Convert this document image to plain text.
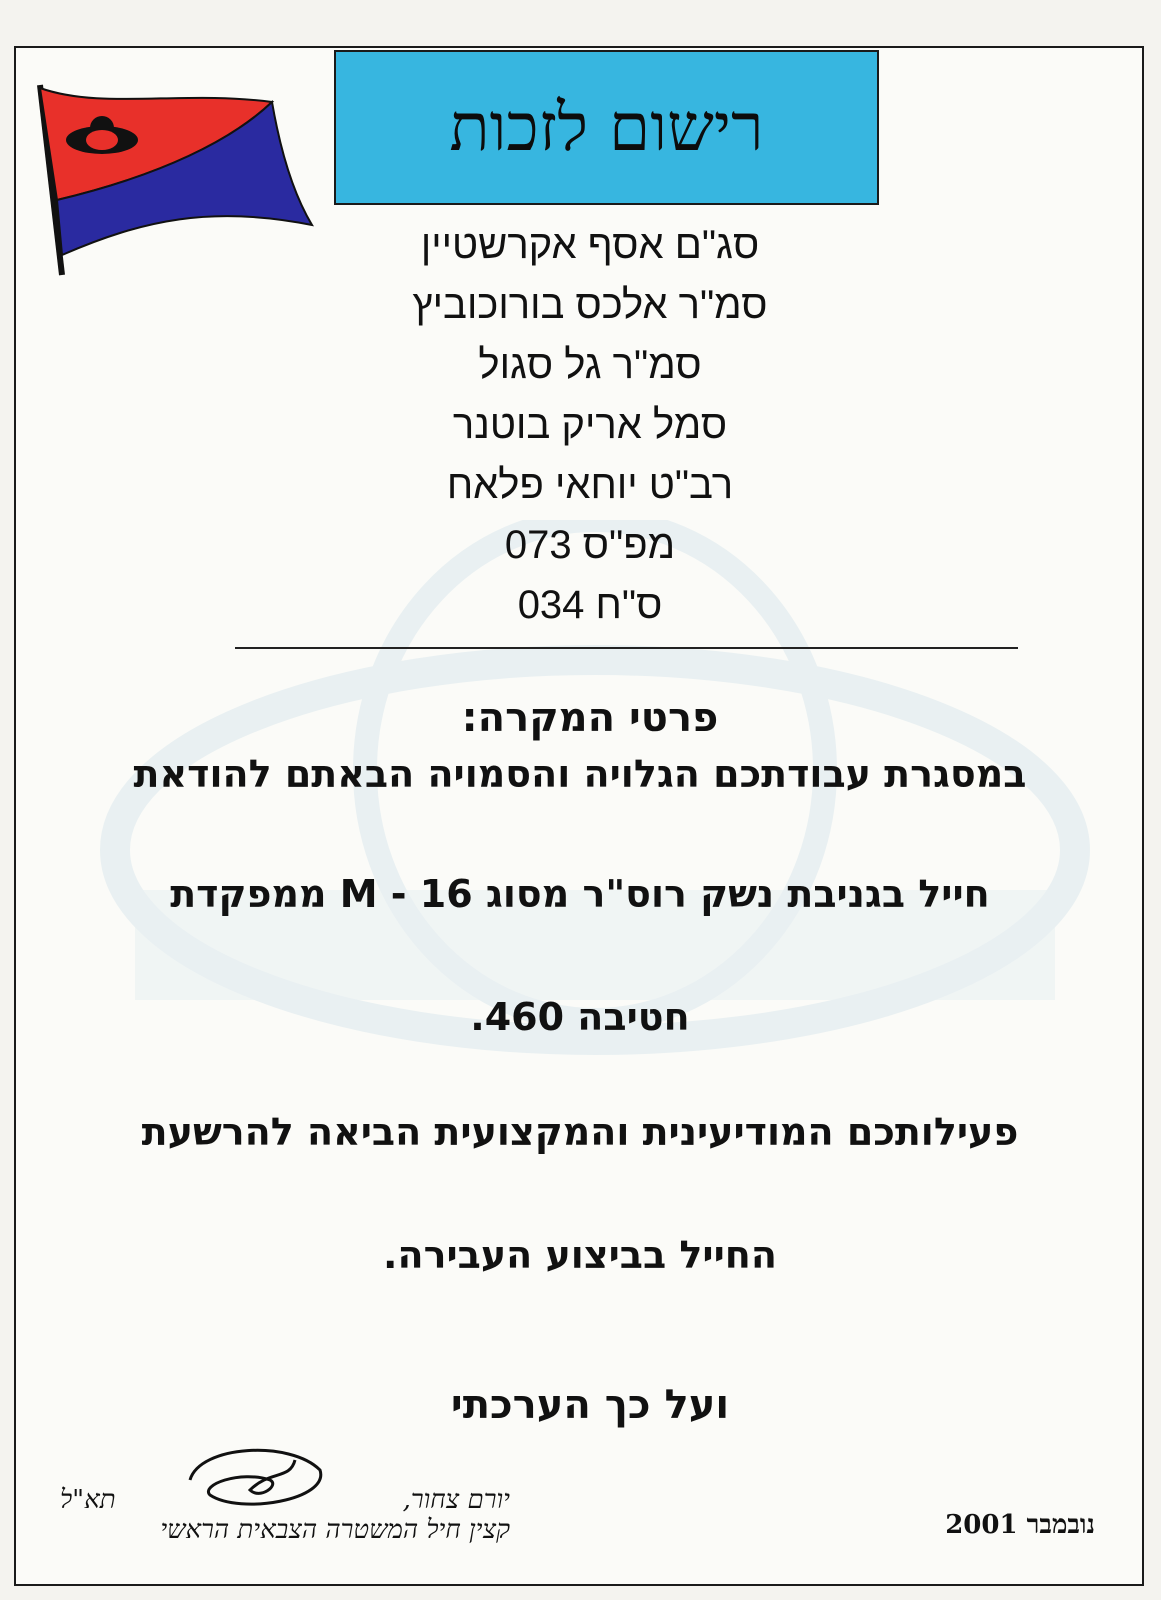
רישום לזכות
סג"ם אסף אקרשטיין
סמ"ר אלכס בורוכוביץ
סמ"ר גל סגול
סמל אריק בוטנר
רב"ט יוחאי פלאח
מפ"ס 073
ס"ח 034
פרטי המקרה:
במסגרת עבודתכם הגלויה והסמויה הבאתם להודאת
חייל בגניבת נשק רוס"ר מסוג M - 16 ממפקדת
חטיבה 460.
פעילותכם המודיעינית והמקצועית הביאה להרשעת
החייל בביצוע העבירה.
ועל כך הערכתי
יורם צחור,
תא"ל
קצין חיל המשטרה הצבאית הראשי	נובמבר 2001
